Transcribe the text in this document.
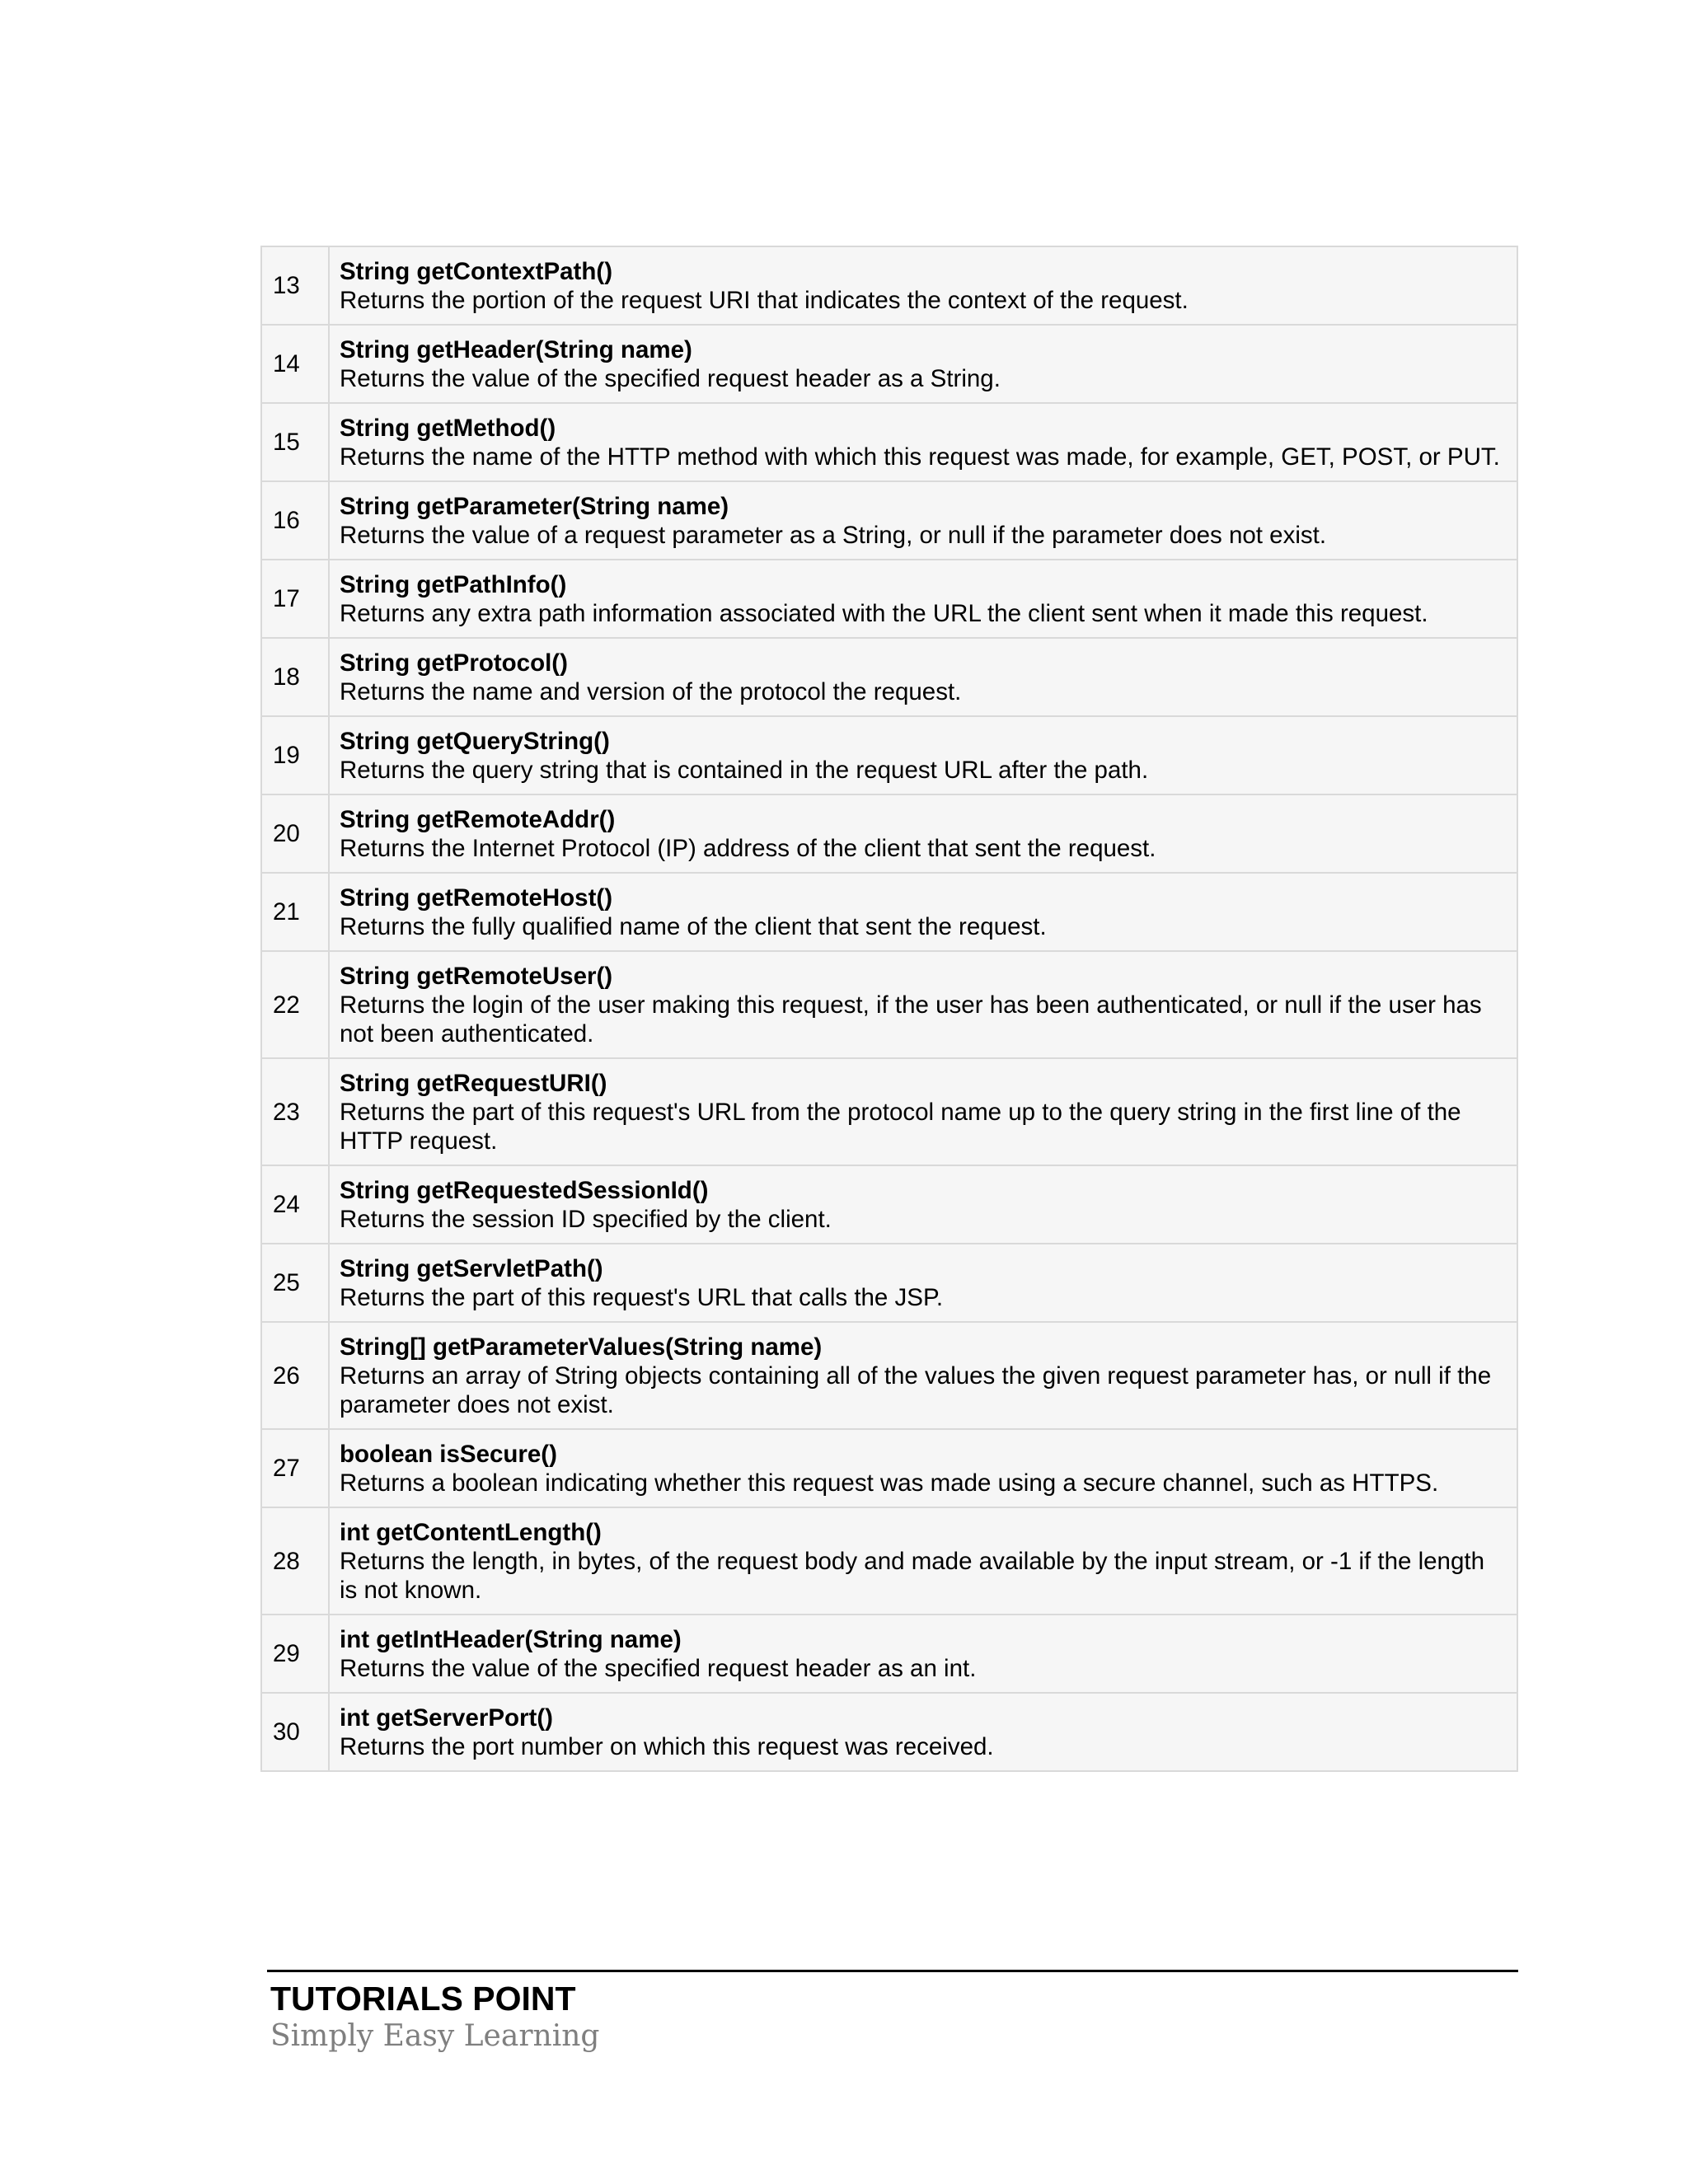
13	String getContextPath()
Returns the portion of the request URI that indicates the context of the request.

14	String getHeader(String name)
Returns the value of the specified request header as a String.

15	String getMethod()
Returns the name of the HTTP method with which this request was made, for example, GET, POST, or PUT.

16	String getParameter(String name)
Returns the value of a request parameter as a String, or null if the parameter does not exist.

17	String getPathInfo()
Returns any extra path information associated with the URL the client sent when it made this request.

18	String getProtocol()
Returns the name and version of the protocol the request.

19	String getQueryString()
Returns the query string that is contained in the request URL after the path.

20	String getRemoteAddr()
Returns the Internet Protocol (IP) address of the client that sent the request.

21	String getRemoteHost()
Returns the fully qualified name of the client that sent the request.

22	String getRemoteUser()
Returns the login of the user making this request, if the user has been authenticated, or null if the user has not been authenticated.

23	String getRequestURI()
Returns the part of this request's URL from the protocol name up to the query string in the first line of the HTTP request.

24	String getRequestedSessionId()
Returns the session ID specified by the client.

25	String getServletPath()
Returns the part of this request's URL that calls the JSP.

26	String[] getParameterValues(String name)
Returns an array of String objects containing all of the values the given request parameter has, or null if the parameter does not exist.

27	boolean isSecure()
Returns a boolean indicating whether this request was made using a secure channel, such as HTTPS.

28	int getContentLength()
Returns the length, in bytes, of the request body and made available by the input stream, or -1 if the length is not known.

29	int getIntHeader(String name)
Returns the value of the specified request header as an int.

30	int getServerPort()
Returns the port number on which this request was received.
TUTORIALS POINT
Simply Easy Learning
